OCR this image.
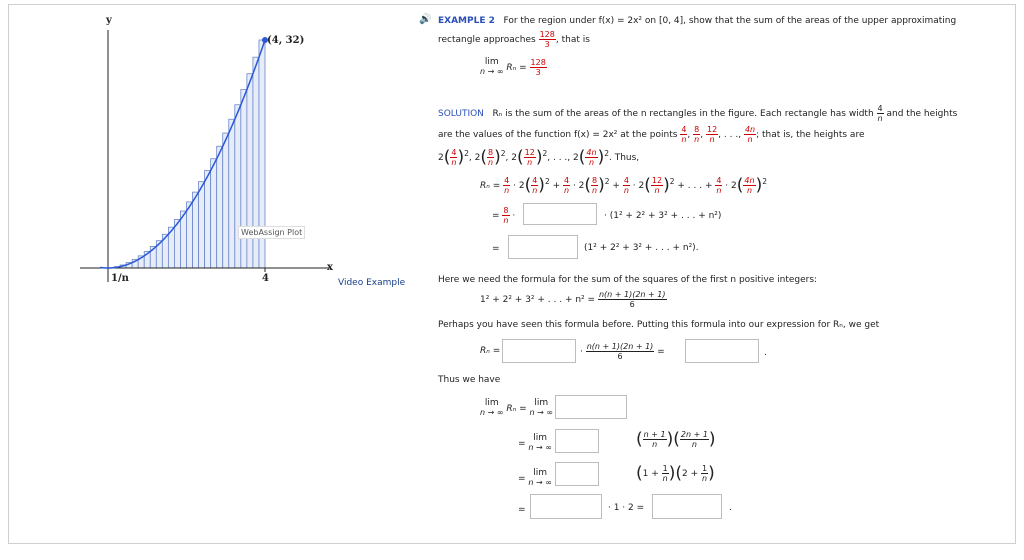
y
(4, 32)
x
1/n	4
WebAssign Plot
Video Example
🔊 EXAMPLE 2 For the region under f(x) = 2x² on [0, 4], show that the sum of the areas of the upper approximating
rectangle approaches $\frac{128}{3}$ , that is
lim
n → ∞ $R_n = \frac{128}{3}$
SOLUTION Rₙ is the sum of the areas of the n rectangles in the figure. Each rectangle has width $\frac{4}{n}$ and the heights
are the values of the function f(x) = 2x² at the points $\frac{4}{n}$ , $\frac{8}{n}$ , $\frac{12}{n}$ , . . ., $\frac{4n}{n}$ ; that is, the heights are
$2( \frac{4}{n} )^2$, $2( \frac{8}{n} )^2$, $2( \frac{12}{n} )^2$, . . ., $2( \frac{4n}{n} )^2$. Thus,
$R_n = \frac{4}{n} \cdot 2( \frac{4}{n} )^2 + \frac{4}{n} \cdot 2( \frac{8}{n} )^2 + \frac{4}{n} \cdot 2( \frac{12}{n} )^2$ + . . . + $\frac{4}{n} \cdot 2( \frac{4n}{n} )^2$
= $\frac{8}{n}$ ·	· (1² + 2² + 3² + . . . + n²)
=	(1² + 2² + 3² + . . . + n²).
Here we need the formula for the sum of the squares of the first n positive integers:
1² + 2² + 3² + . . . + $n^2 = \frac{n(n + 1)(2n + 1)}{6}$
Perhaps you have seen this formula before. Putting this formula into our expression for Rₙ, we get
Rₙ =	· $\frac{n(n + 1)(2n + 1)}{6}$ =	.
Thus we have
lim
n → ∞ Rₙ = lim
n → ∞
= lim
n → ∞	( $\frac{n + 1}{n}$ )( $\frac{2n + 1}{n}$ )
= lim
n → ∞	$(1 + \frac{1}{n} )(2 + \frac{1}{n}$ )
=	· 1 · 2 =	.
